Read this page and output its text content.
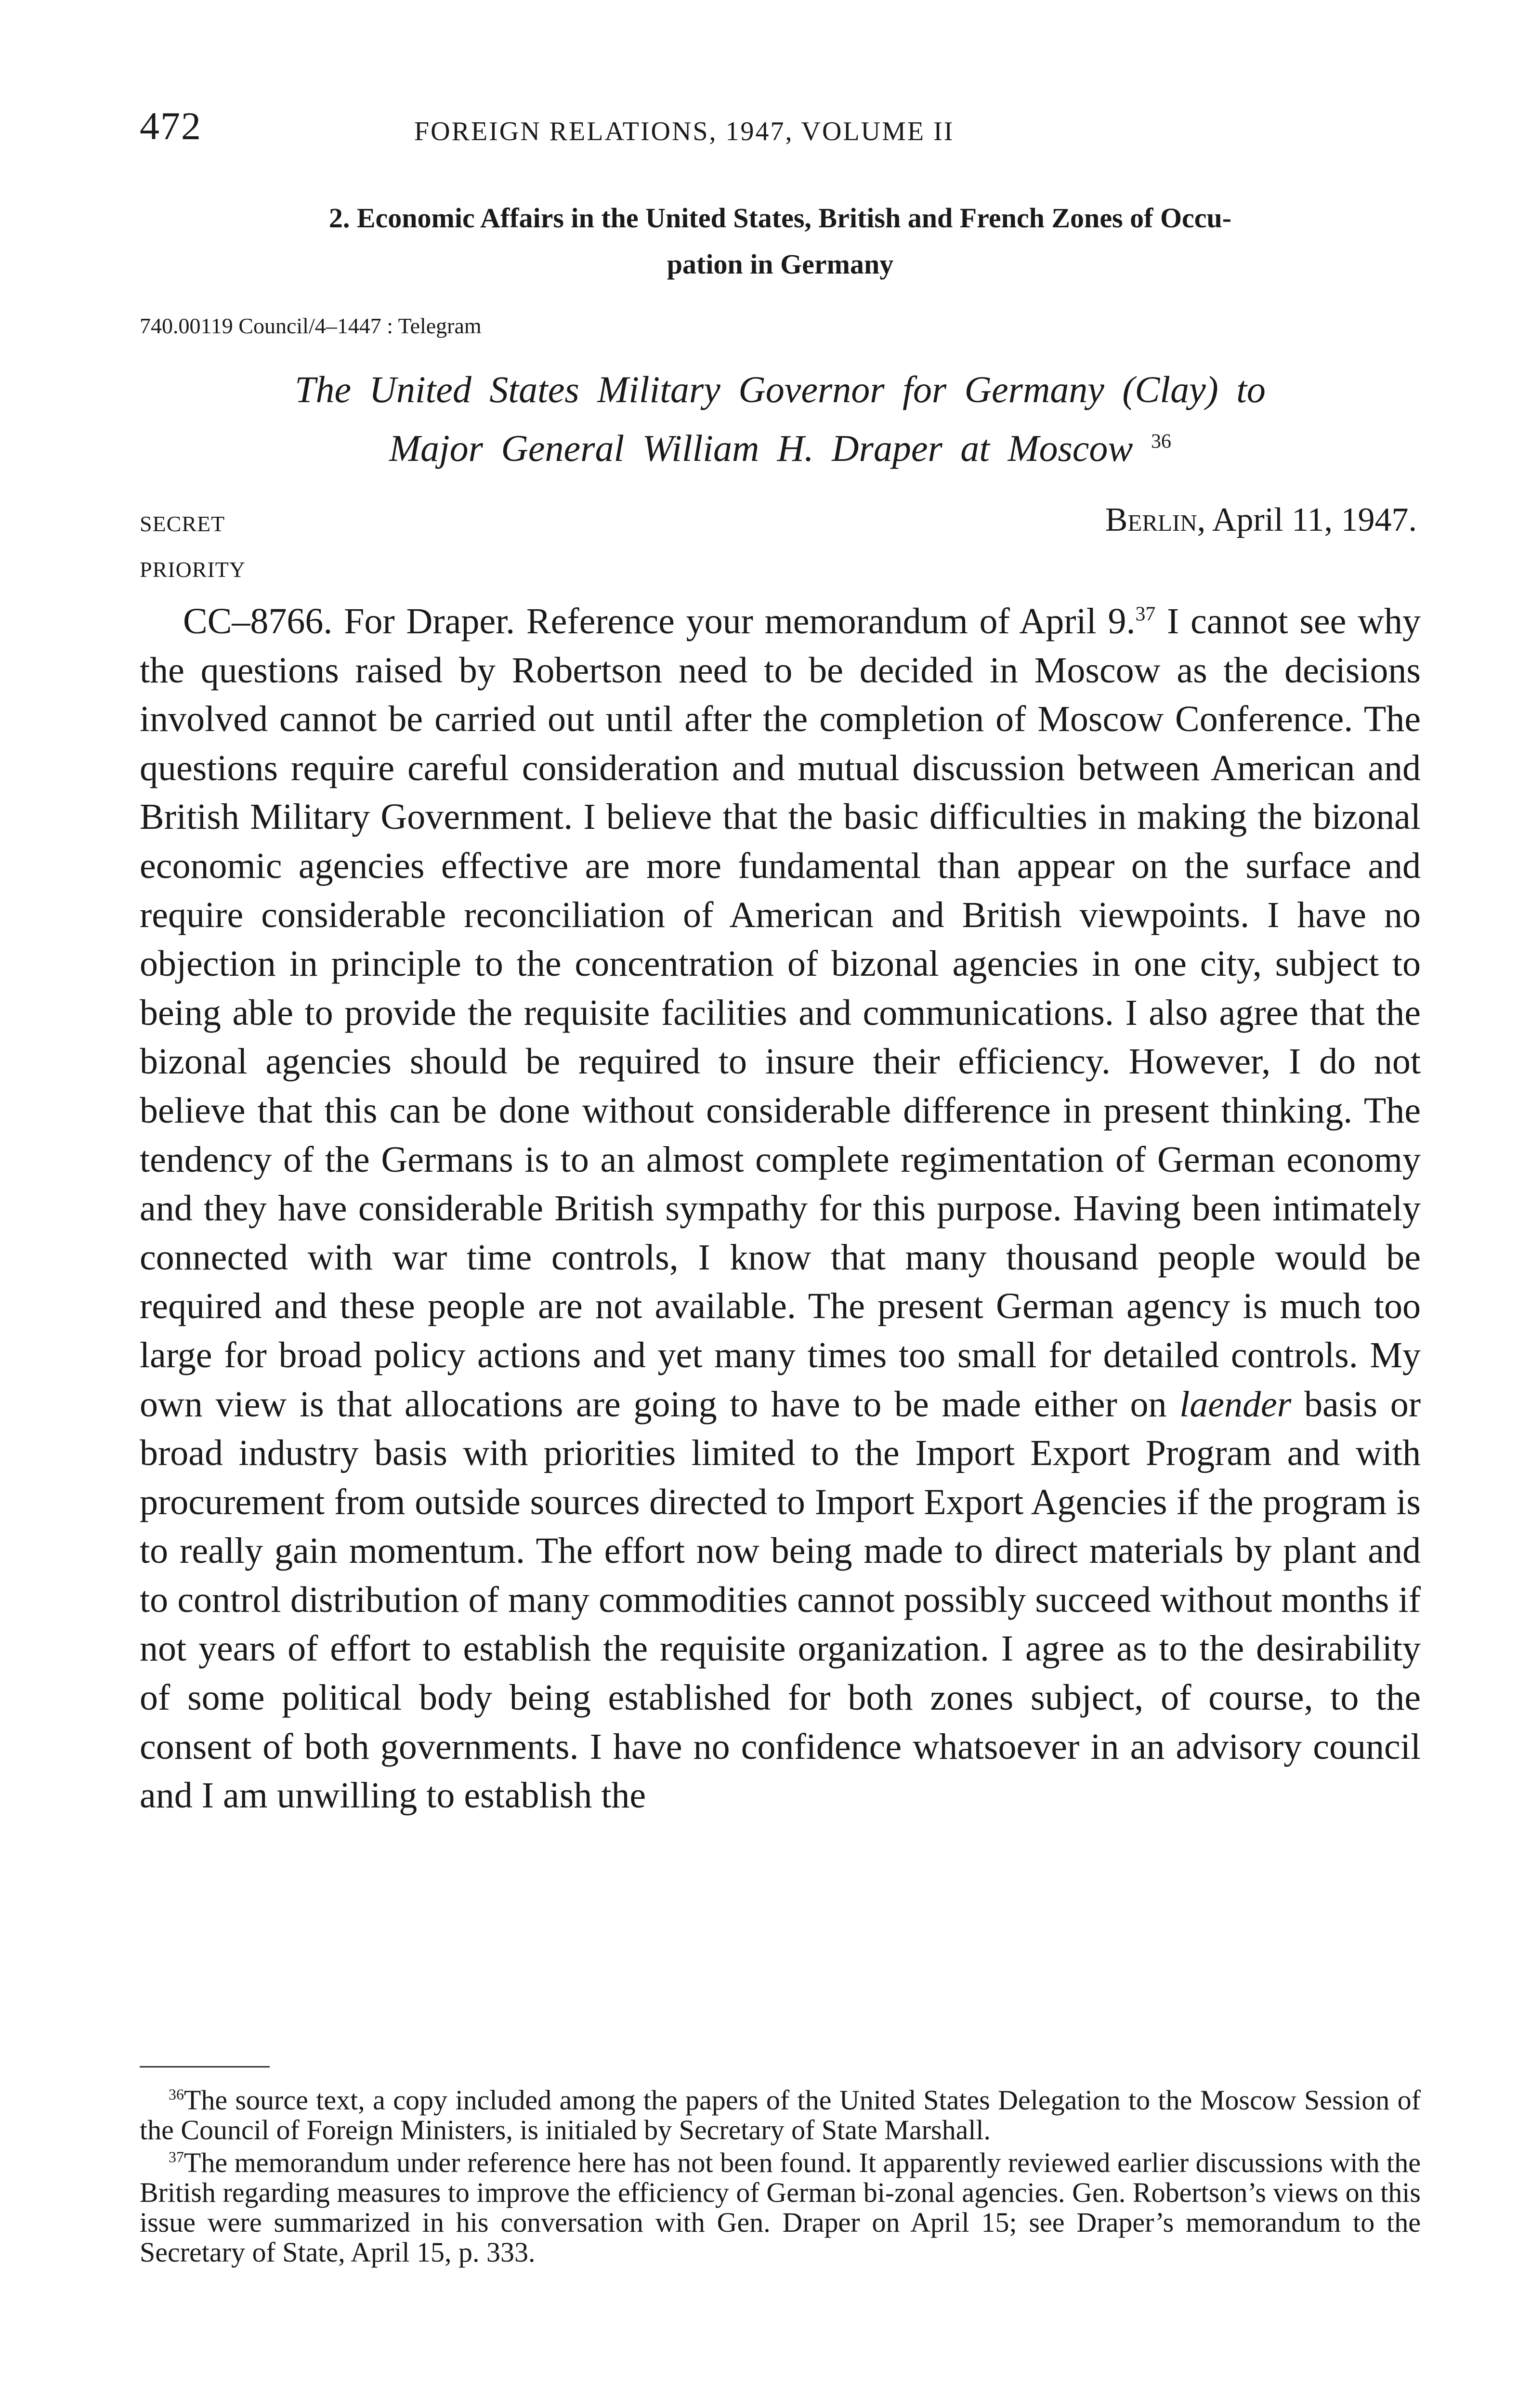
472	FOREIGN RELATIONS, 1947, VOLUME II
2. Economic Affairs in the United States, British and French Zones of Occu-
pation in Germany
740.00119 Council/4–1447 : Telegram
The United States Military Governor for Germany (Clay) to
Major General William H. Draper at Moscow $^{36}$
SECRET
PRIORITY
Berlin, April 11, 1947.

CC–8766. For Draper. Reference your memorandum of April 9.37 I cannot see why the questions raised by Robertson need to be decided in Moscow as the decisions involved cannot be carried out until after the completion of Moscow Conference. The questions require careful consideration and mutual discussion between American and British Military Government. I believe that the basic difficulties in making the bizonal economic agencies effective are more fundamental than appear on the surface and require considerable reconciliation of American and British viewpoints. I have no objection in principle to the concentration of bizonal agencies in one city, subject to being able to provide the requisite facilities and communications. I also agree that the bizonal agencies should be required to insure their efficiency. However, I do not believe that this can be done without considerable difference in present thinking. The tendency of the Germans is to an almost complete regimentation of German economy and they have considerable British sympathy for this purpose. Having been intimately connected with war time controls, I know that many thousand people would be required and these people are not available. The present German agency is much too large for broad policy actions and yet many times too small for detailed controls. My own view is that allocations are going to have to be made either on laender basis or broad industry basis with priorities limited to the Import Export Program and with procurement from outside sources directed to Import Export Agencies if the program is to really gain momentum. The effort now being made to direct materials by plant and to control distribution of many commodities cannot possibly succeed without months if not years of effort to establish the requisite organization. I agree as to the desirability of some political body being established for both zones subject, of course, to the consent of both governments. I have no confidence whatsoever in an advisory council and I am unwilling to establish the

$^{36}$The source text, a copy included among the papers of the United States Delegation to the Moscow Session of the Council of Foreign Ministers, is initialed by Secretary of State Marshall.

$^{37}$The memorandum under reference here has not been found. It apparently reviewed earlier discussions with the British regarding measures to improve the efficiency of German bi-zonal agencies. Gen. Robertson’s views on this issue were summarized in his conversation with Gen. Draper on April 15; see Draper’s memorandum to the Secretary of State, April 15, p. 333.
